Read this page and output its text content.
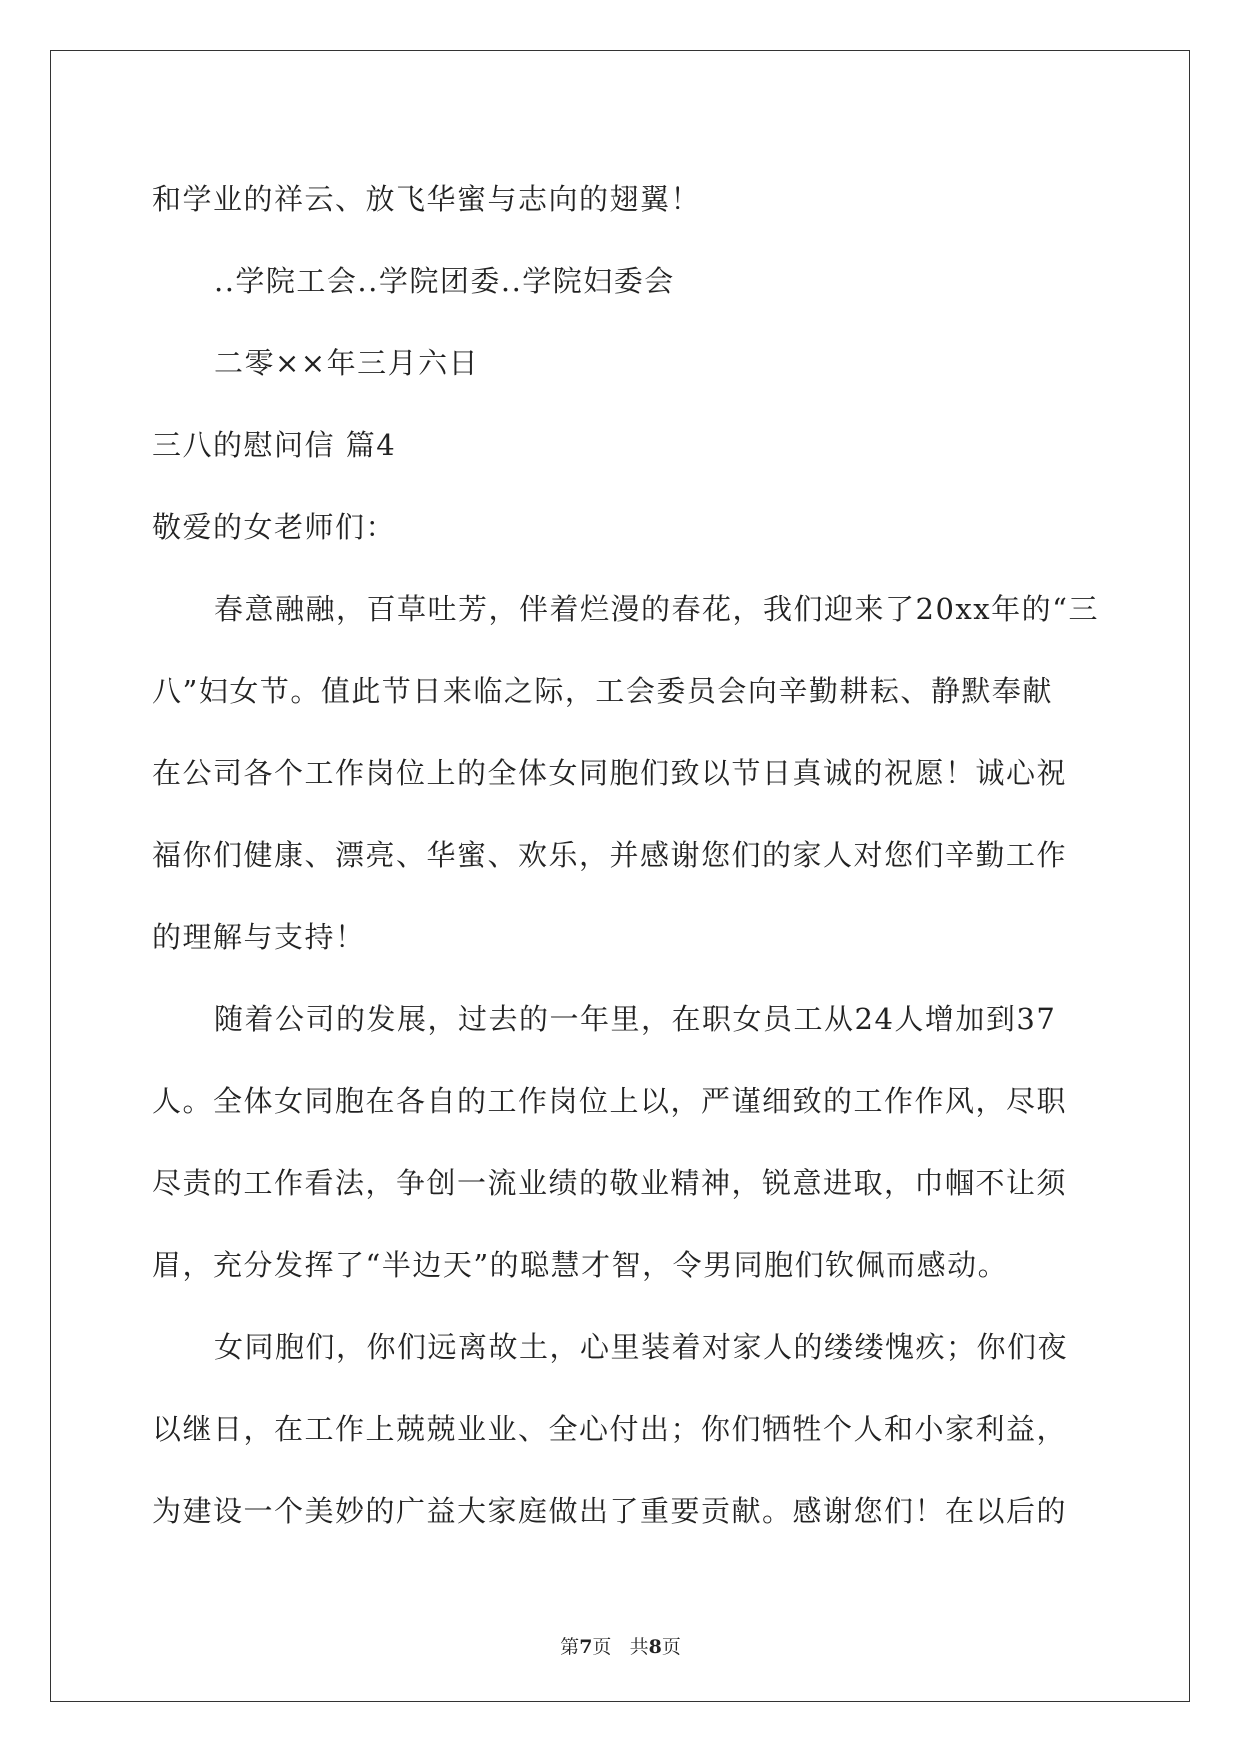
和学业的祥云、放飞华蜜与志向的翅翼！
..学院工会..学院团委..学院妇委会
二零××年三月六日
三八的慰问信 篇4
敬爱的女老师们：
春意融融，百草吐芳，伴着烂漫的春花，我们迎来了20xx年的“三
八”妇女节。值此节日来临之际，工会委员会向辛勤耕耘、静默奉献
在公司各个工作岗位上的全体女同胞们致以节日真诚的祝愿！诚心祝
福你们健康、漂亮、华蜜、欢乐，并感谢您们的家人对您们辛勤工作
的理解与支持！
随着公司的发展，过去的一年里，在职女员工从24人增加到37
人。全体女同胞在各自的工作岗位上以，严谨细致的工作作风，尽职
尽责的工作看法，争创一流业绩的敬业精神，锐意进取，巾帼不让须
眉，充分发挥了“半边天”的聪慧才智，令男同胞们钦佩而感动。
女同胞们，你们远离故土，心里装着对家人的缕缕愧疚；你们夜
以继日，在工作上兢兢业业、全心付出；你们牺牲个人和小家利益，
为建设一个美妙的广益大家庭做出了重要贡献。感谢您们！在以后的
第7页 共8页
